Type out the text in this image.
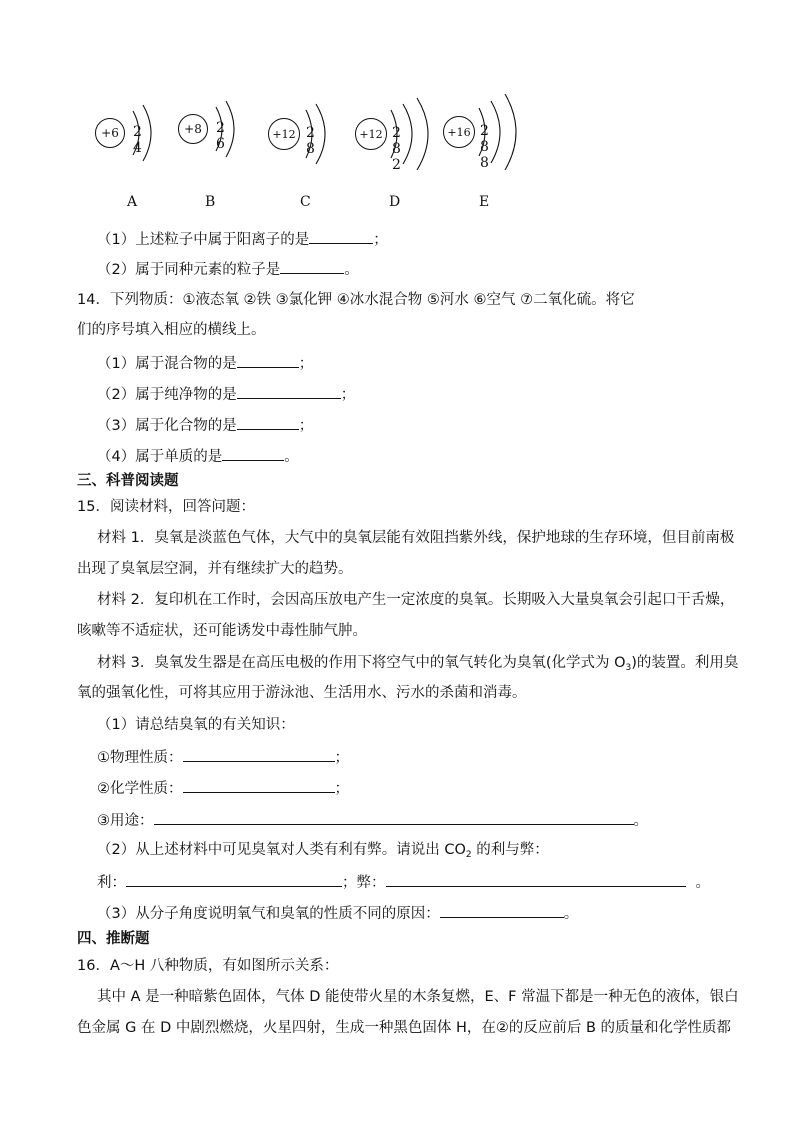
+6	2 4
A
+8	2 6
B
+12 2 8
C
+12 2 8 2
D
+16 2 8 8
E
（1）上述粒子中属于阳离子的是	；
（2）属于同种元素的粒子是	。
14．下列物质：①液态氧 ②铁 ③氯化钾 ④冰水混合物 ⑤河水 ⑥空气 ⑦二氧化硫。将它
们的序号填入相应的横线上。
（1）属于混合物的是	；
（2）属于纯净物的是	；
（3）属于化合物的是	；
（4）属于单质的是	。
三、科普阅读题
15．阅读材料，回答问题：
材料 1．臭氧是淡蓝色气体，大气中的臭氧层能有效阻挡紫外线，保护地球的生存环境，但目前南极
出现了臭氧层空洞，并有继续扩大的趋势。
材料 2．复印机在工作时，会因高压放电产生一定浓度的臭氧。长期吸入大量臭氧会引起口干舌燥，
咳嗽等不适症状，还可能诱发中毒性肺气肿。
材料 3．臭氧发生器是在高压电极的作用下将空气中的氧气转化为臭氧(化学式为 $O_3$)的装置。利用臭
氧的强氧化性，可将其应用于游泳池、生活用水、污水的杀菌和消毒。
（1）请总结臭氧的有关知识：
①物理性质：	；
②化学性质：	；
③用途：	。
（2）从上述材料中可见臭氧对人类有利有弊。请说出 $CO_2$ 的利与弊：
利：	；弊：	。
（3）从分子角度说明氧气和臭氧的性质不同的原因：	。
四、推断题
16．A～H 八种物质，有如图所示关系：
其中 A 是一种暗紫色固体，气体 D 能使带火星的木条复燃，E、F 常温下都是一种无色的液体，银白
色金属 G 在 D 中剧烈燃烧，火星四射，生成一种黑色固体 H，在②的反应前后 B 的质量和化学性质都
